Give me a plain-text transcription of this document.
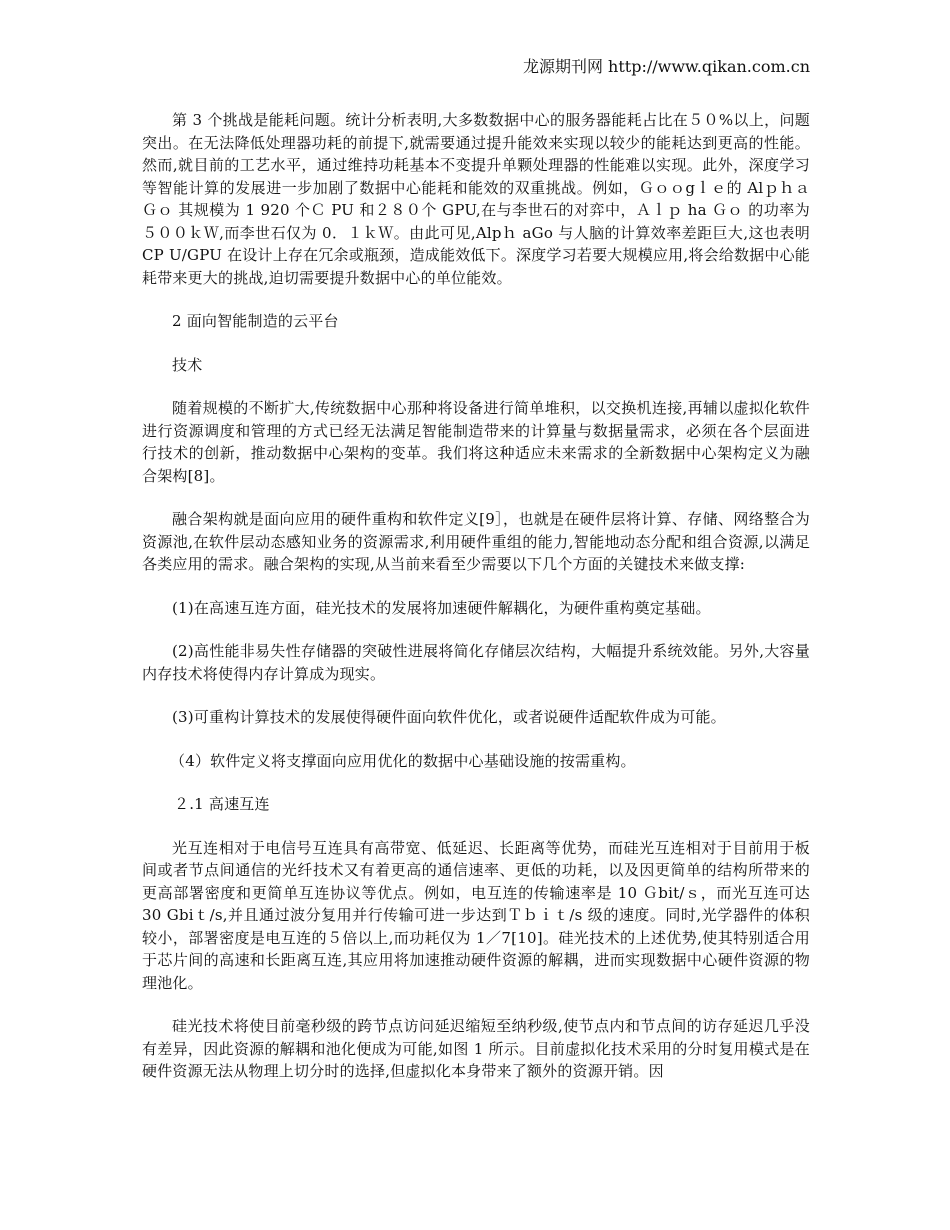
龙源期刊网 http://www.qikan.com.cn

第 3 个挑战是能耗问题。统计分析表明,大多数数据中心的服务器能耗占比在５０%以上，问题突出。在无法降低处理器功耗的前提下,就需要通过提升能效来实现以较少的能耗达到更高的性能。然而,就目前的工艺水平，通过维持功耗基本不变提升单颗处理器的性能难以实现。此外，深度学习等智能计算的发展进一步加剧了数据中心能耗和能效的双重挑战。例如，Ｇｏｏgｌｅ的 Alｐｈａ Ｇｏ 其规模为 1 920 个Ｃ PU 和２８０个 GPU,在与李世石的对弈中，Ａｌｐ ha Ｇｏ 的功率为５００ｋＷ,而李世石仅为 0．１ｋＷ。由此可见,Alpｈ aGo 与人脑的计算效率差距巨大,这也表明 CP U/GPU 在设计上存在冗余或瓶颈，造成能效低下。深度学习若要大规模应用,将会给数据中心能耗带来更大的挑战,迫切需要提升数据中心的单位能效。

2 面向智能制造的云平台

技术

随着规模的不断扩大,传统数据中心那种将设备进行简单堆积，以交换机连接,再辅以虚拟化软件进行资源调度和管理的方式已经无法满足智能制造带来的计算量与数据量需求，必须在各个层面进行技术的创新，推动数据中心架构的变革。我们将这种适应未来需求的全新数据中心架构定义为融合架构[8]。

融合架构就是面向应用的硬件重构和软件定义[9］，也就是在硬件层将计算、存储、网络整合为资源池,在软件层动态感知业务的资源需求,利用硬件重组的能力,智能地动态分配和组合资源,以满足各类应用的需求。融合架构的实现,从当前来看至少需要以下几个方面的关键技术来做支撑:

(1)在高速互连方面，硅光技术的发展将加速硬件解耦化，为硬件重构奠定基础。

(2)高性能非易失性存储器的突破性进展将简化存储层次结构，大幅提升系统效能。另外,大容量内存技术将使得内存计算成为现实。

(3)可重构计算技术的发展使得硬件面向软件优化，或者说硬件适配软件成为可能。

（4）软件定义将支撑面向应用优化的数据中心基础设施的按需重构。

２.1 高速互连

光互连相对于电信号互连具有高带宽、低延迟、长距离等优势，而硅光互连相对于目前用于板间或者节点间通信的光纤技术又有着更高的通信速率、更低的功耗，以及因更简单的结构所带来的更高部署密度和更简单互连协议等优点。例如，电互连的传输速率是 10 Ｇbit/ｓ，而光互连可达 30 Gbiｔ/s,并且通过波分复用并行传输可进一步达到Ｔｂｉｔ/s 级的速度。同时,光学器件的体积较小，部署密度是电互连的５倍以上,而功耗仅为 1／7[10]。硅光技术的上述优势,使其特别适合用于芯片间的高速和长距离互连,其应用将加速推动硬件资源的解耦，进而实现数据中心硬件资源的物理池化。

硅光技术将使目前毫秒级的跨节点访问延迟缩短至纳秒级,使节点内和节点间的访存延迟几乎没有差异，因此资源的解耦和池化便成为可能,如图 1 所示。目前虚拟化技术采用的分时复用模式是在硬件资源无法从物理上切分时的选择,但虚拟化本身带来了额外的资源开销。因
